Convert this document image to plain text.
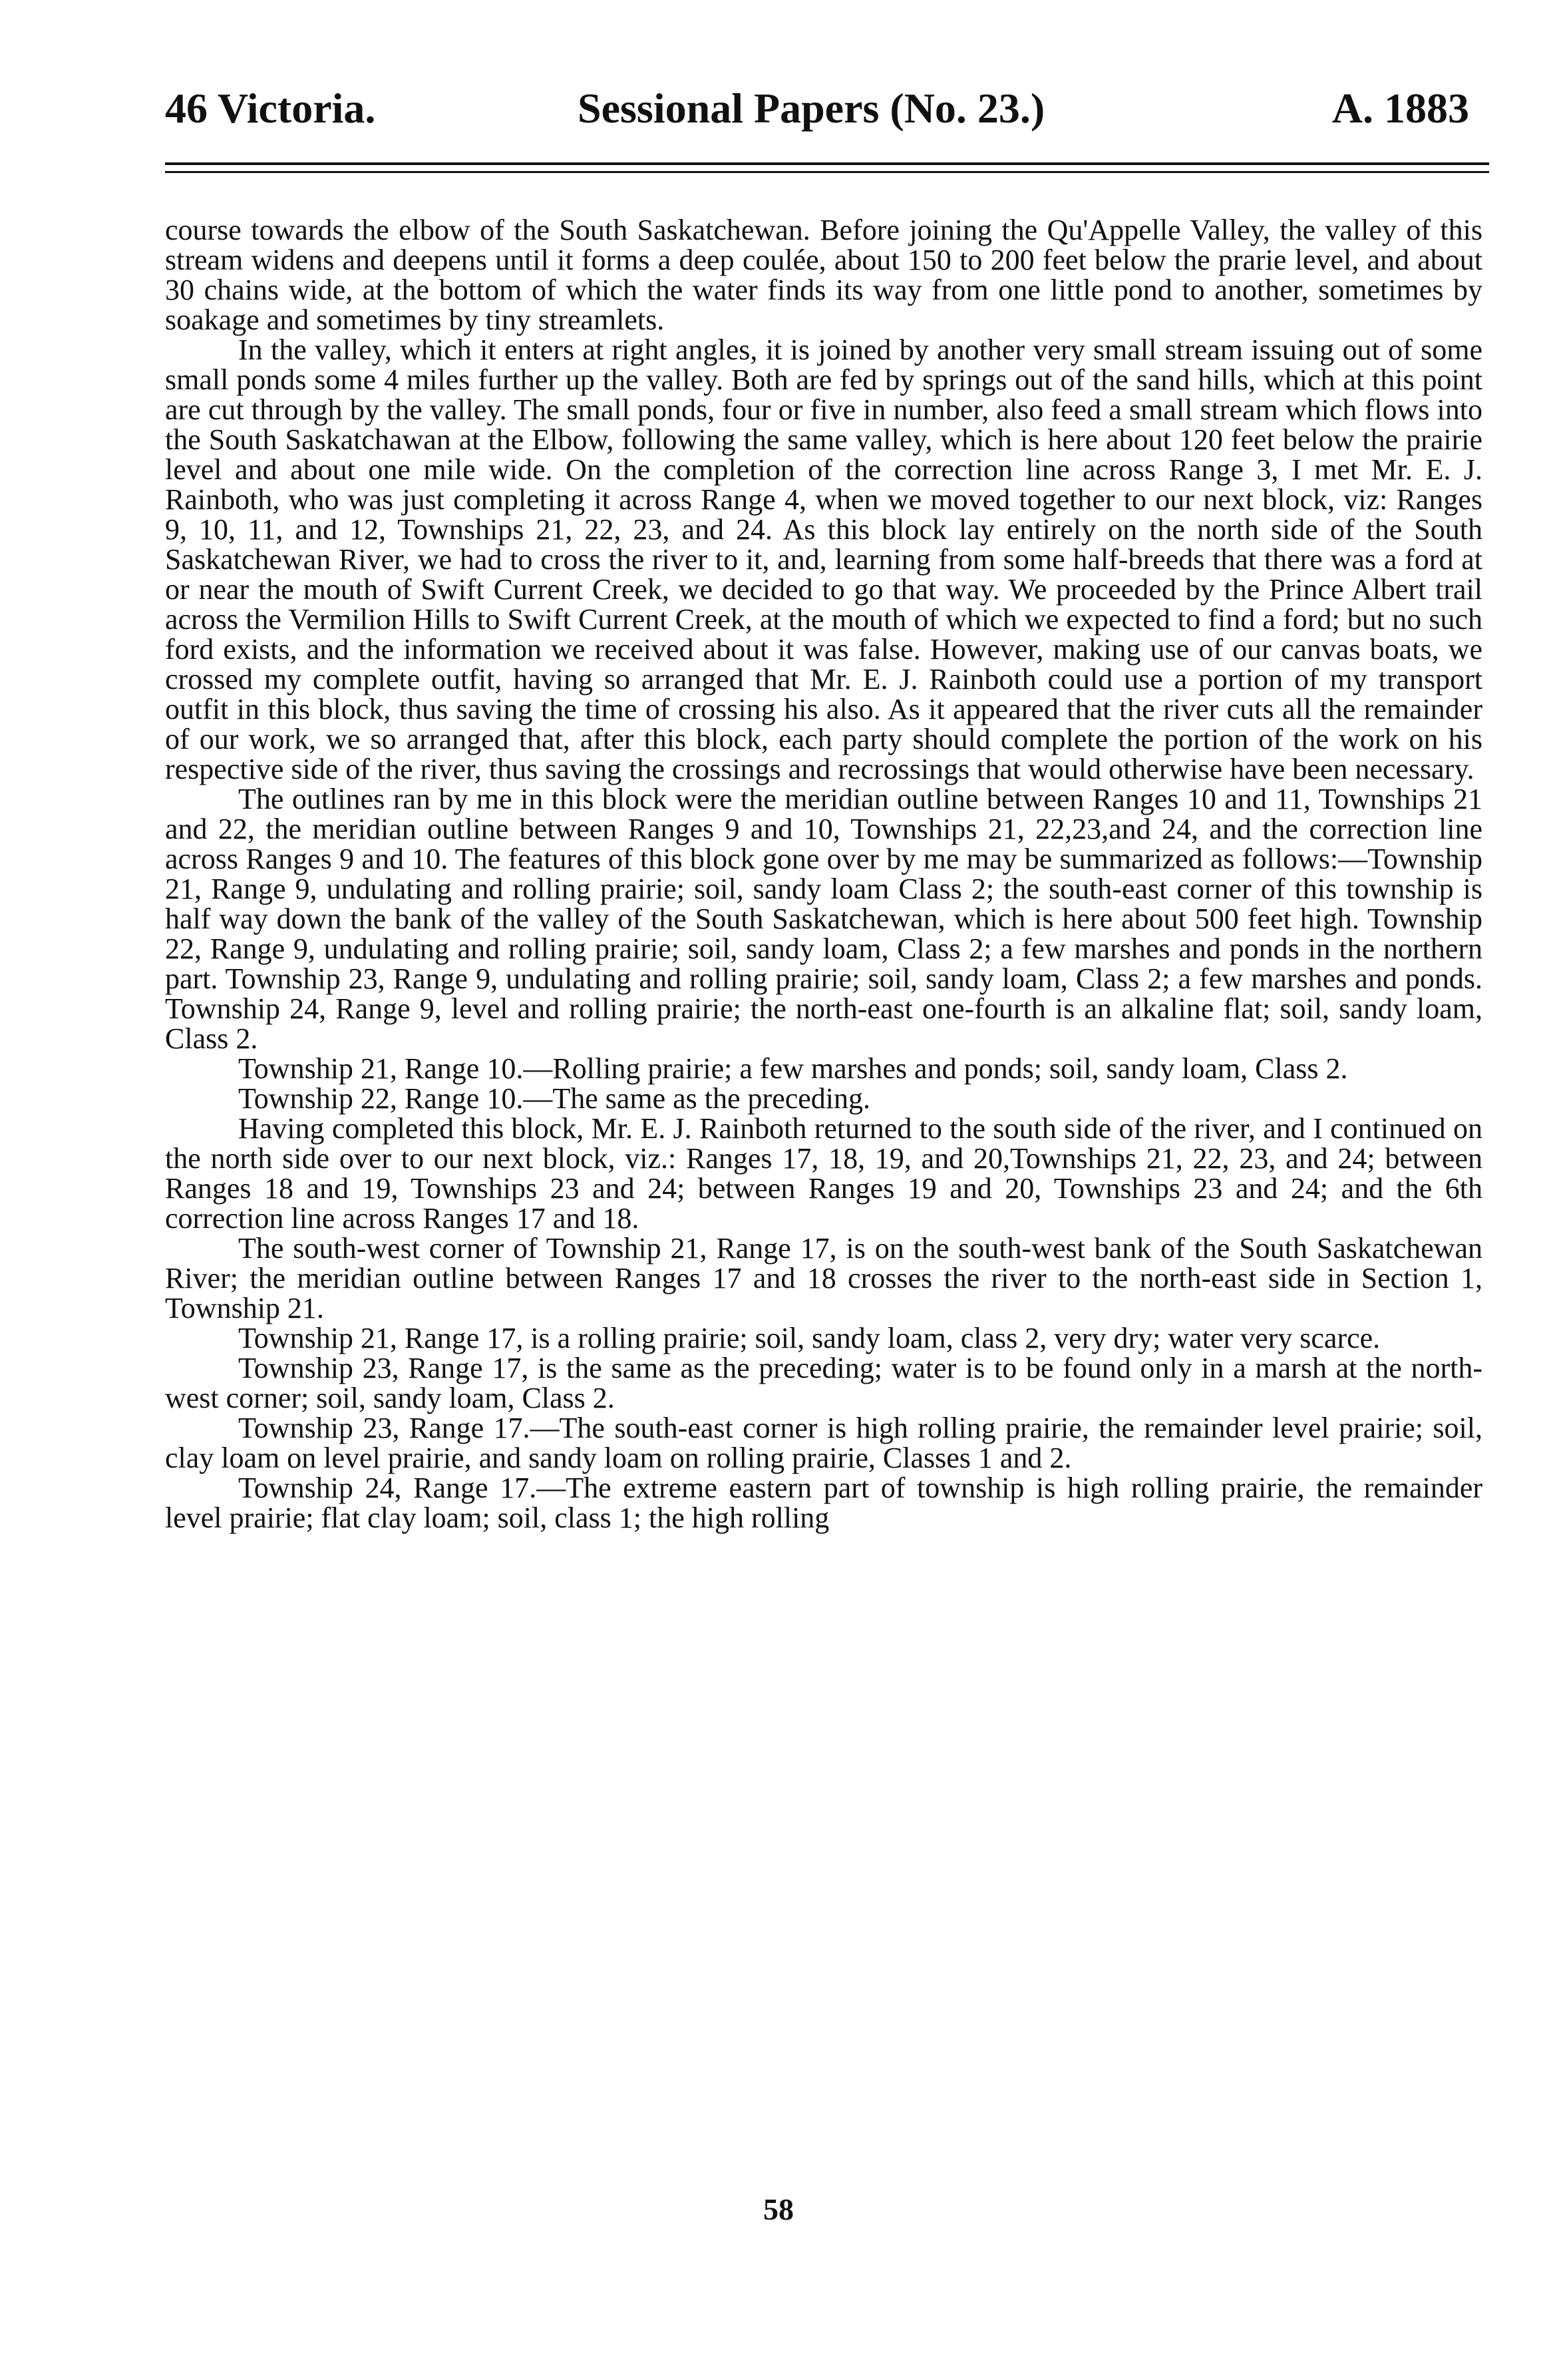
46 Victoria.	Sessional Papers (No. 23.)	A. 1883

course towards the elbow of the South Saskatchewan. Before joining the Qu'Appelle Valley, the valley of this stream widens and deepens until it forms a deep coulée, about 150 to 200 feet below the prarie level, and about 30 chains wide, at the bottom of which the water finds its way from one little pond to another, sometimes by soakage and sometimes by tiny streamlets.

In the valley, which it enters at right angles, it is joined by another very small stream issuing out of some small ponds some 4 miles further up the valley. Both are fed by springs out of the sand hills, which at this point are cut through by the valley. The small ponds, four or five in number, also feed a small stream which flows into the South Saskatchawan at the Elbow, following the same valley, which is here about 120 feet below the prairie level and about one mile wide. On the completion of the correction line across Range 3, I met Mr. E. J. Rainboth, who was just completing it across Range 4, when we moved together to our next block, viz: Ranges 9, 10, 11, and 12, Townships 21, 22, 23, and 24. As this block lay entirely on the north side of the South Saskatchewan River, we had to cross the river to it, and, learning from some half-breeds that there was a ford at or near the mouth of Swift Current Creek, we decided to go that way. We proceeded by the Prince Albert trail across the Vermilion Hills to Swift Current Creek, at the mouth of which we expected to find a ford; but no such ford exists, and the information we received about it was false. However, making use of our canvas boats, we crossed my complete outfit, having so arranged that Mr. E. J. Rainboth could use a portion of my transport outfit in this block, thus saving the time of crossing his also. As it appeared that the river cuts all the remainder of our work, we so arranged that, after this block, each party should complete the portion of the work on his respective side of the river, thus saving the crossings and recrossings that would otherwise have been necessary.

The outlines ran by me in this block were the meridian outline between Ranges 10 and 11, Townships 21 and 22, the meridian outline between Ranges 9 and 10, Townships 21, 22,23,and 24, and the correction line across Ranges 9 and 10. The features of this block gone over by me may be summarized as follows:—Township 21, Range 9, undulating and rolling prairie; soil, sandy loam Class 2; the south-east corner of this township is half way down the bank of the valley of the South Saskatchewan, which is here about 500 feet high. Township 22, Range 9, undulating and rolling prairie; soil, sandy loam, Class 2; a few marshes and ponds in the northern part. Township 23, Range 9, undulating and rolling prairie; soil, sandy loam, Class 2; a few marshes and ponds. Township 24, Range 9, level and rolling prairie; the north-east one-fourth is an alkaline flat; soil, sandy loam, Class 2.

Township 21, Range 10.—Rolling prairie; a few marshes and ponds; soil, sandy loam, Class 2.

Township 22, Range 10.—The same as the preceding.

Having completed this block, Mr. E. J. Rainboth returned to the south side of the river, and I continued on the north side over to our next block, viz.: Ranges 17, 18, 19, and 20,Townships 21, 22, 23, and 24; between Ranges 18 and 19, Townships 23 and 24; between Ranges 19 and 20, Townships 23 and 24; and the 6th correction line across Ranges 17 and 18.

The south-west corner of Township 21, Range 17, is on the south-west bank of the South Saskatchewan River; the meridian outline between Ranges 17 and 18 crosses the river to the north-east side in Section 1, Township 21.

Township 21, Range 17, is a rolling prairie; soil, sandy loam, class 2, very dry; water very scarce.

Township 23, Range 17, is the same as the preceding; water is to be found only in a marsh at the north-west corner; soil, sandy loam, Class 2.

Township 23, Range 17.—The south-east corner is high rolling prairie, the remainder level prairie; soil, clay loam on level prairie, and sandy loam on rolling prairie, Classes 1 and 2.

Township 24, Range 17.—The extreme eastern part of township is high rolling prairie, the remainder level prairie; flat clay loam; soil, class 1; the high rolling

58
